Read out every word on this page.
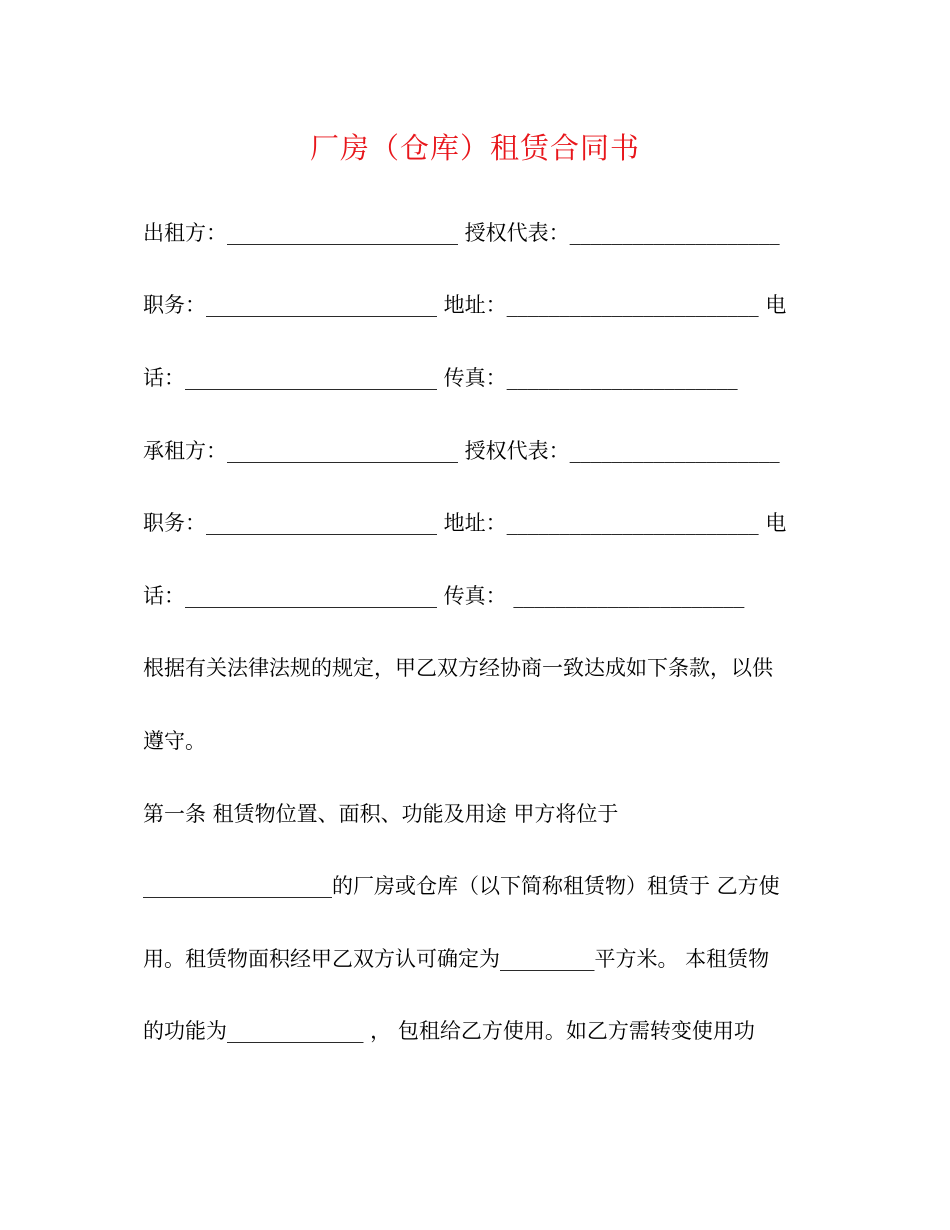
厂房（仓库）租赁合同书
出租方：______________________ 授权代表：____________________
职务：______________________ 地址：________________________ 电
话：________________________ 传真：______________________
承租方：______________________ 授权代表：____________________
职务：______________________ 地址：________________________ 电
话：________________________ 传真： ______________________
根据有关法律法规的规定，甲乙双方经协商一致达成如下条款，以供
遵守。
第一条 租赁物位置、面积、功能及用途 甲方将位于
__________________的厂房或仓库（以下简称租赁物）租赁于 乙方使
用。租赁物面积经甲乙双方认可确定为_________平方米。 本租赁物
的功能为_____________ ， 包租给乙方使用。如乙方需转变使用功
